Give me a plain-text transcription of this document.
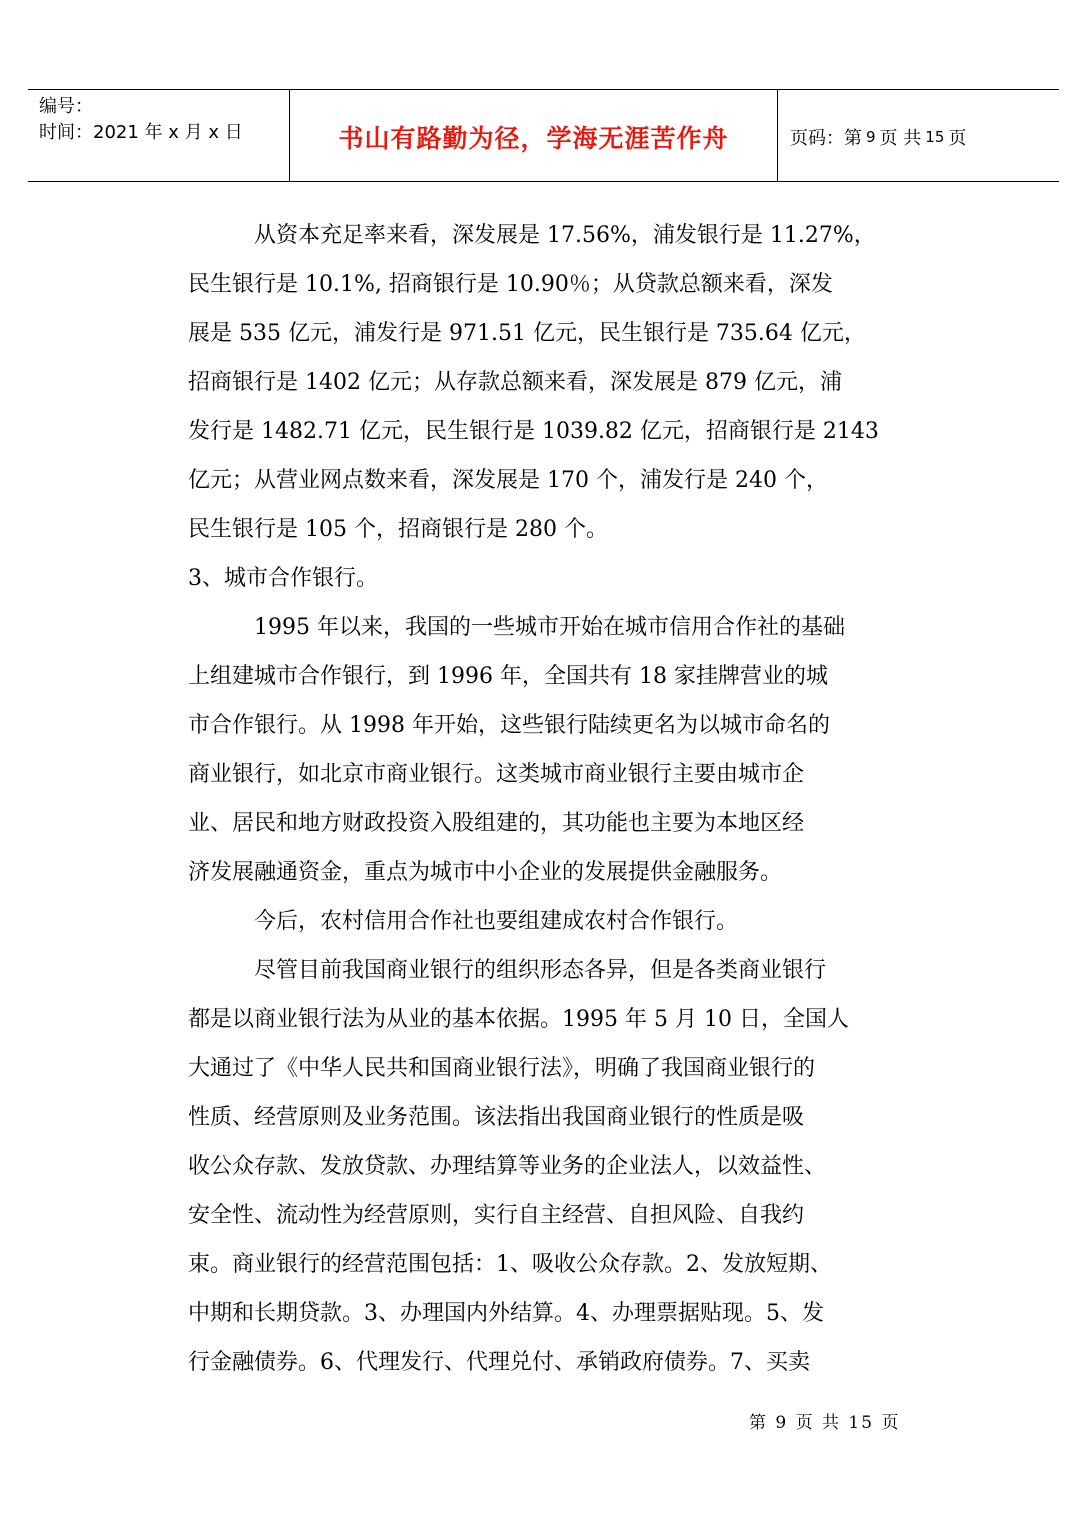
编号：
时间：2021 年 x 月 x 日	书山有路勤为径，学海无涯苦作舟	页码：第 9 页 共 15 页

　　　从资本充足率来看，深发展是 17.56%，浦发银行是 11.27%，

民生银行是 10.1%, 招商银行是 10.90％；从贷款总额来看，深发

展是 535 亿元，浦发行是 971.51 亿元，民生银行是 735.64 亿元，

招商银行是 1402 亿元；从存款总额来看，深发展是 879 亿元，浦

发行是 1482.71 亿元，民生银行是 1039.82 亿元，招商银行是 2143

亿元；从营业网点数来看，深发展是 170 个，浦发行是 240 个，

民生银行是 105 个，招商银行是 280 个。

3、城市合作银行。

　　　1995 年以来，我国的一些城市开始在城市信用合作社的基础

上组建城市合作银行，到 1996 年，全国共有 18 家挂牌营业的城

市合作银行。从 1998 年开始，这些银行陆续更名为以城市命名的

商业银行，如北京市商业银行。这类城市商业银行主要由城市企

业、居民和地方财政投资入股组建的，其功能也主要为本地区经

济发展融通资金，重点为城市中小企业的发展提供金融服务。

　　　今后，农村信用合作社也要组建成农村合作银行。

　　　尽管目前我国商业银行的组织形态各异，但是各类商业银行

都是以商业银行法为从业的基本依据。1995 年 5 月 10 日，全国人

大通过了《中华人民共和国商业银行法》，明确了我国商业银行的

性质、经营原则及业务范围。该法指出我国商业银行的性质是吸

收公众存款、发放贷款、办理结算等业务的企业法人，以效益性、

安全性、流动性为经营原则，实行自主经营、自担风险、自我约

束。商业银行的经营范围包括：1、吸收公众存款。2、发放短期、

中期和长期贷款。3、办理国内外结算。4、办理票据贴现。5、发

行金融债券。6、代理发行、代理兑付、承销政府债券。7、买卖

第 9 页 共 15 页
